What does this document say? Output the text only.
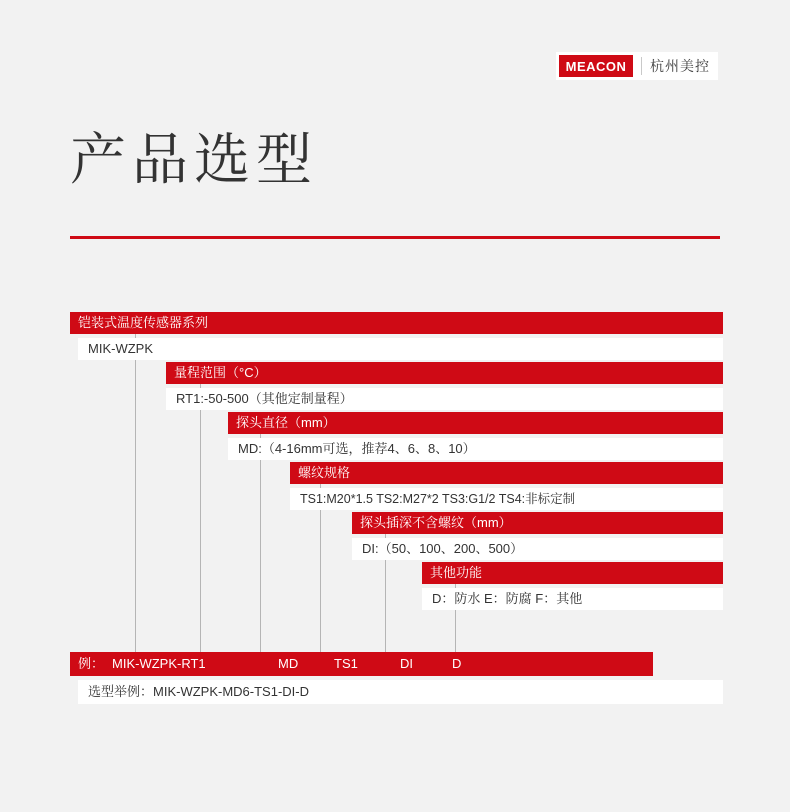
MEACON	杭州美控
产品选型
铠装式温度传感器系列
MIK-WZPK
量程范围（°C）
RT1:-50-500（其他定制量程）
探头直径（mm）
MD:（4-16mm可选，推荐4、6、8、10）
螺纹规格
TS1:M20*1.5 TS2:M27*2 TS3:G1/2 TS4:非标定制
探头插深不含螺纹（mm）
DI:（50、100、200、500）
其他功能
D：防水 E：防腐 F：其他
例： MIK-WZPK-RT1	MD	TS1	DI	D
选型举例：MIK-WZPK-MD6-TS1-DI-D
